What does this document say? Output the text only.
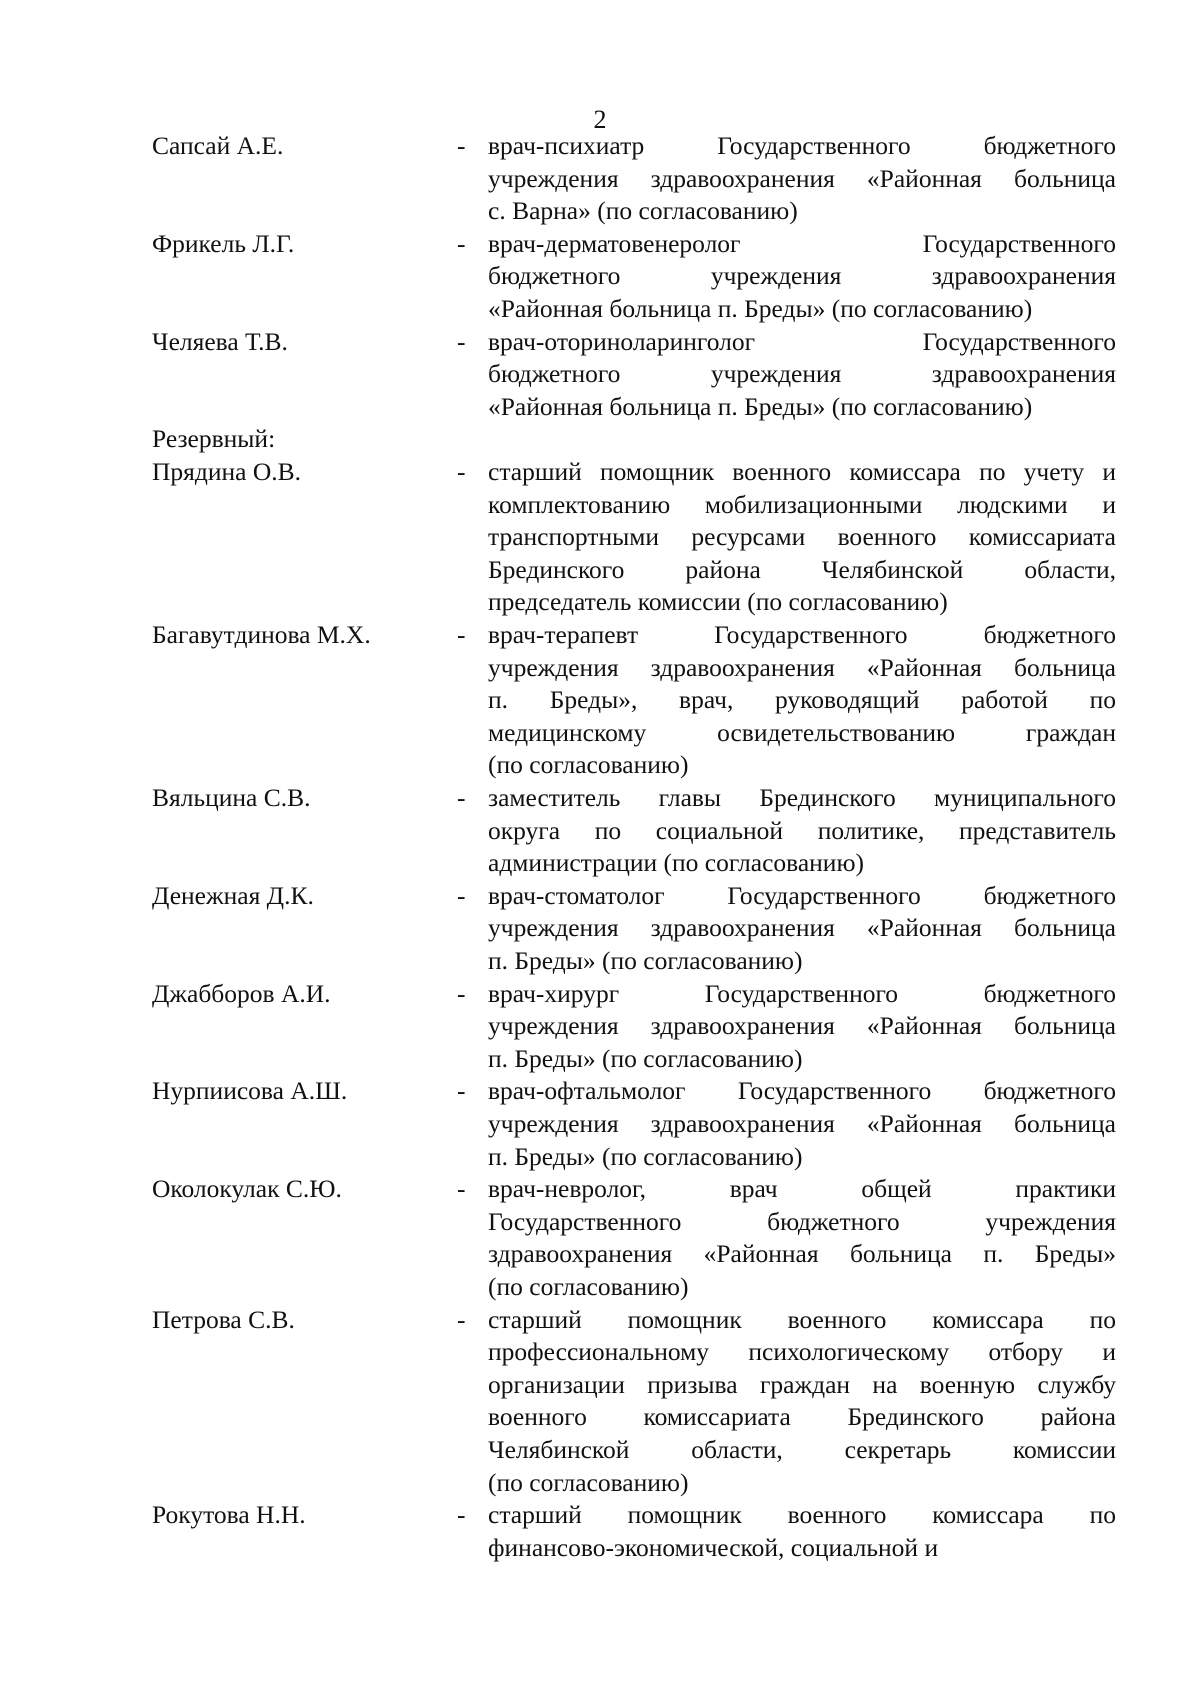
2
Сапсай А.Е.	- врач-психиатр Государственного бюджетного
учреждения здравоохранения «Районная больница
с. Варна» (по согласованию)
Фрикель Л.Г.	- врач-дерматовенеролог Государственного
бюджетного учреждения здравоохранения
«Районная больница п. Бреды» (по согласованию)
Челяева Т.В.	- врач-оториноларинголог Государственного
бюджетного учреждения здравоохранения
«Районная больница п. Бреды» (по согласованию)
Резервный:
Прядина О.В.	- старший помощник военного комиссара по учету и
комплектованию мобилизационными людскими и
транспортными ресурсами военного комиссариата
Брединского района Челябинской области,
председатель комиссии (по согласованию)
Багавутдинова М.Х.	- врач-терапевт Государственного бюджетного
учреждения здравоохранения «Районная больница
п. Бреды», врач, руководящий работой по
медицинскому освидетельствованию граждан
(по согласованию)
Вяльцина С.В.	- заместитель главы Брединского муниципального
округа по социальной политике, представитель
администрации (по согласованию)
Денежная Д.К.	- врач-стоматолог Государственного бюджетного
учреждения здравоохранения «Районная больница
п. Бреды» (по согласованию)
Джабборов А.И.	- врач-хирург Государственного бюджетного
учреждения здравоохранения «Районная больница
п. Бреды» (по согласованию)
Нурпиисова А.Ш.	- врач-офтальмолог Государственного бюджетного
учреждения здравоохранения «Районная больница
п. Бреды» (по согласованию)
Околокулак С.Ю.	- врач-невролог, врач общей практики
Государственного бюджетного учреждения
здравоохранения «Районная больница п. Бреды»
(по согласованию)
Петрова С.В.	- старший помощник военного комиссара по
профессиональному психологическому отбору и
организации призыва граждан на военную службу
военного комиссариата Брединского района
Челябинской области, секретарь комиссии
(по согласованию)
Рокутова Н.Н.	- старший помощник военного комиссара по
финансово-экономической, социальной и
